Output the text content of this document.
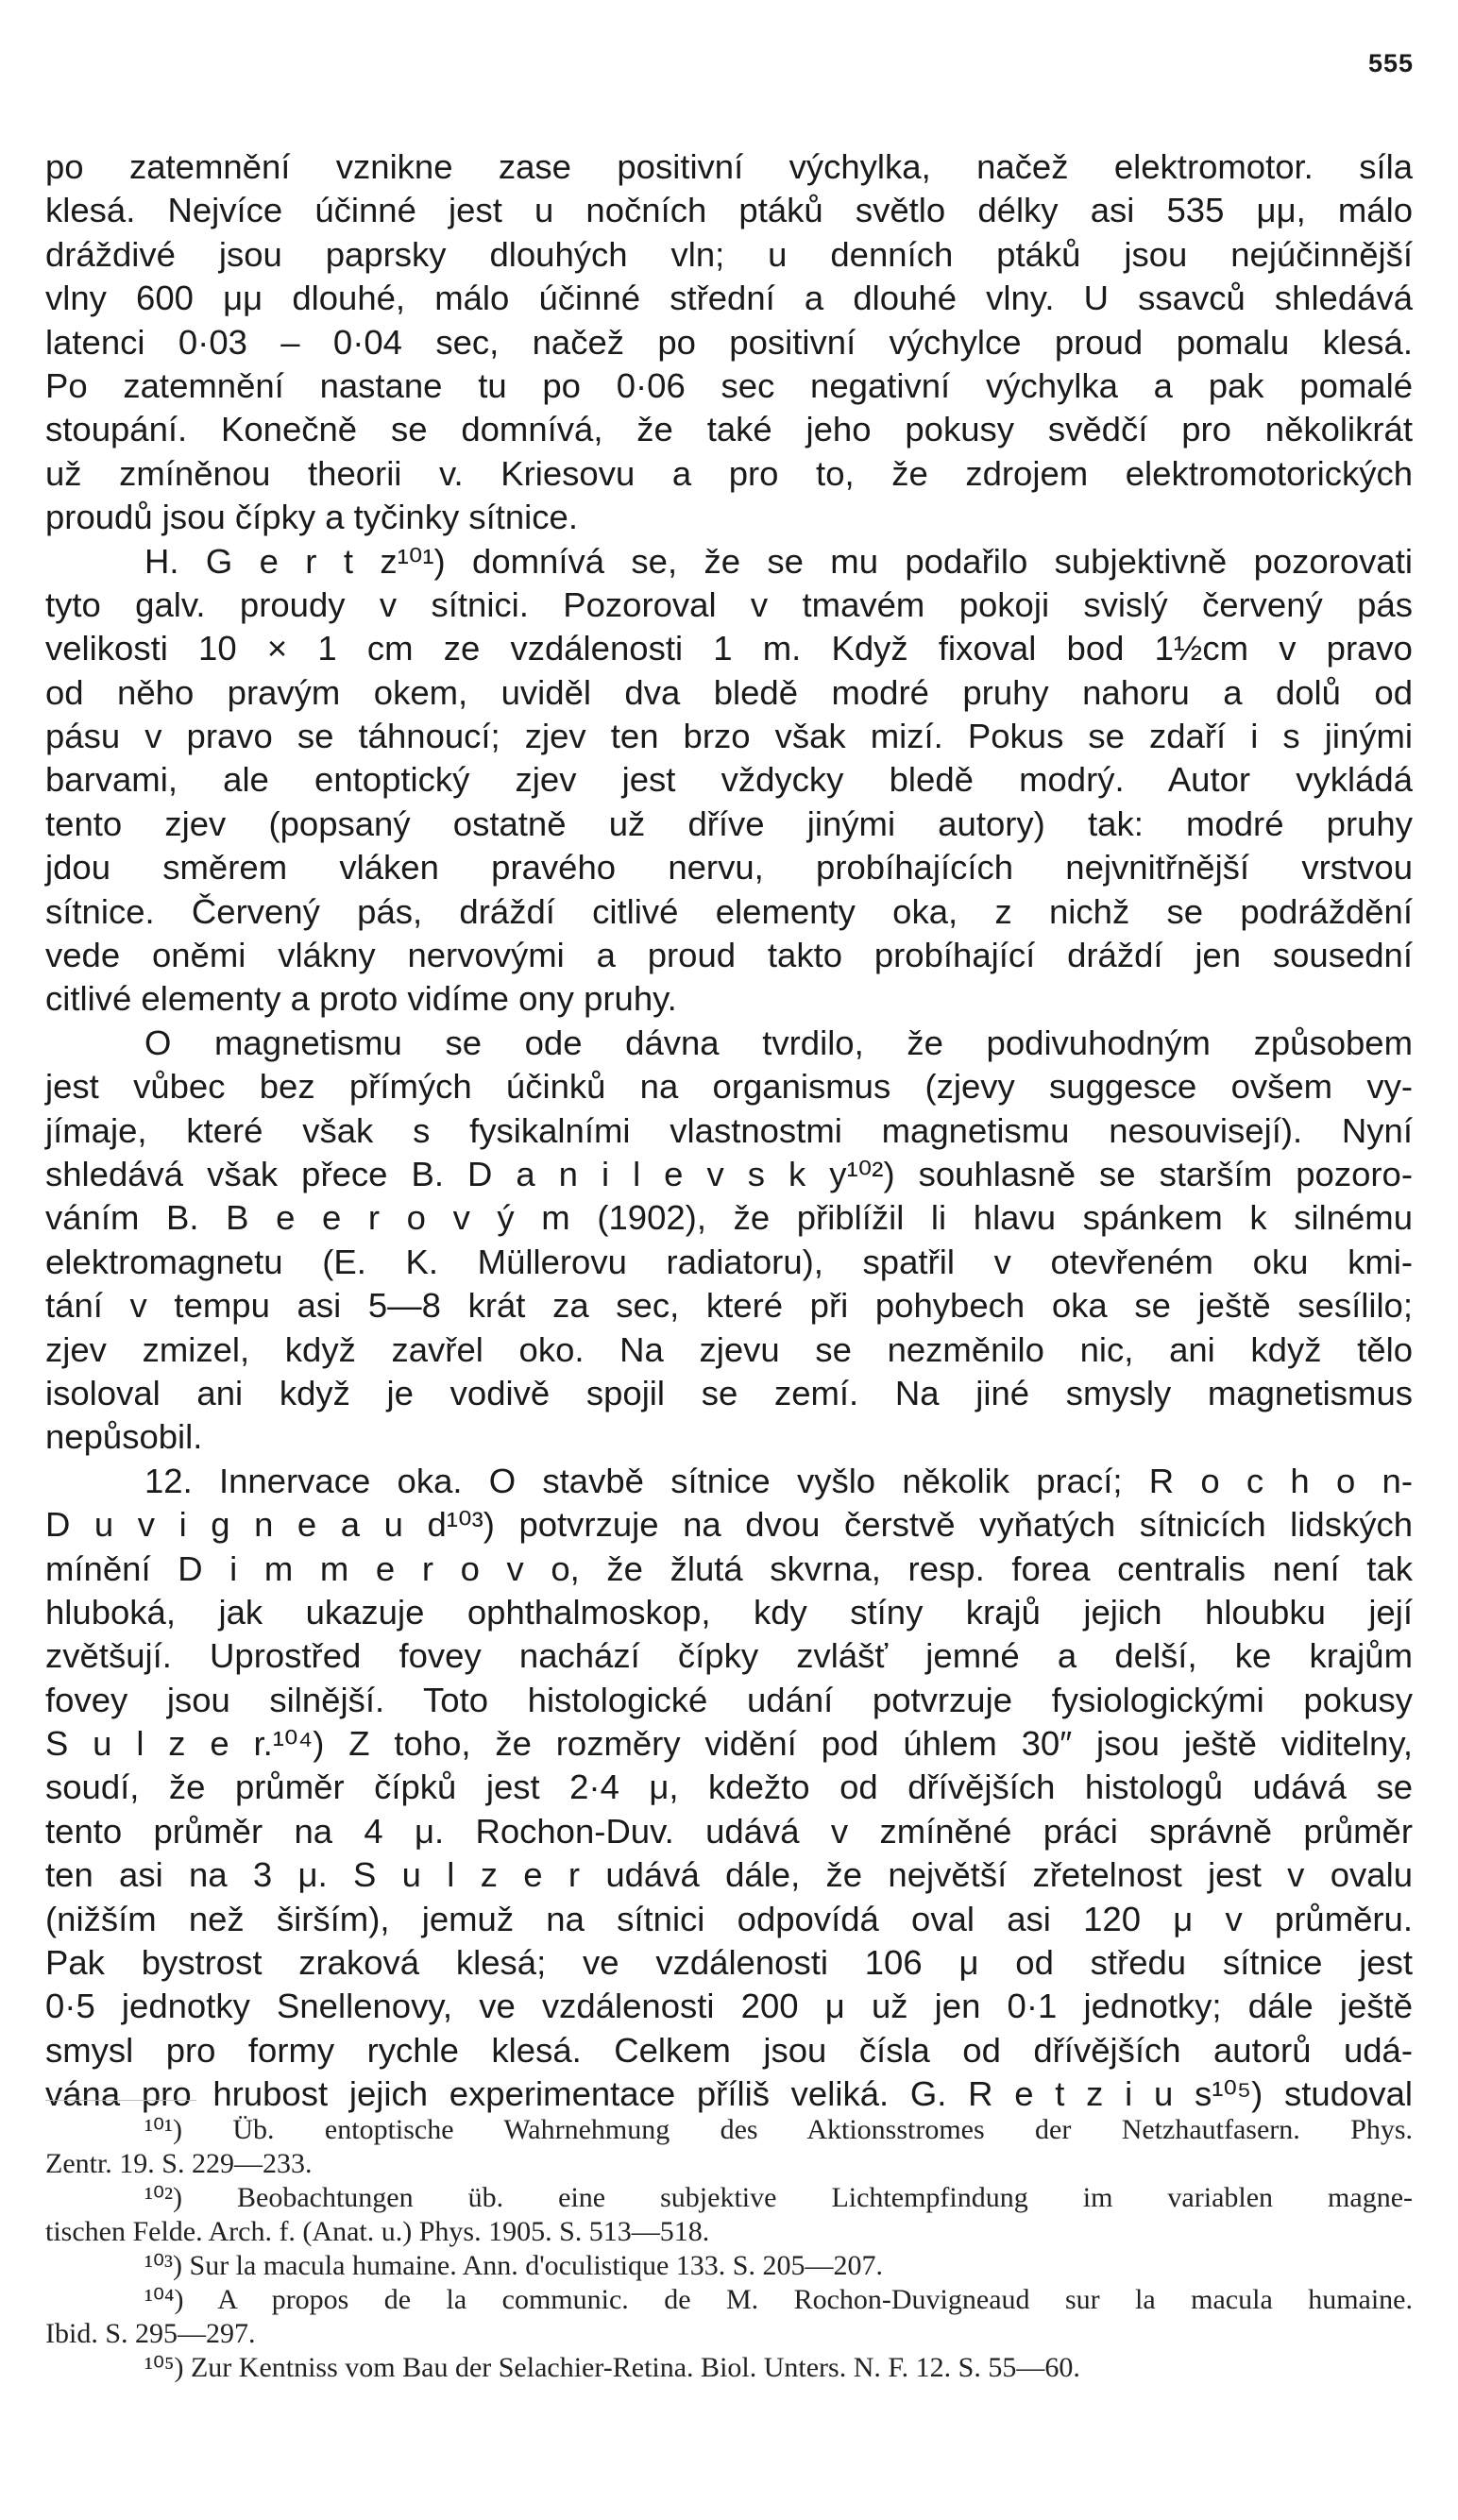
555
po zatemnění vznikne zase positivní výchylka, načež elektromotor. síla
klesá. Nejvíce účinné jest u nočních ptáků světlo délky asi 535 μμ, málo
dráždivé jsou paprsky dlouhých vln; u denních ptáků jsou nejúčinnější
vlny 600 μμ dlouhé, málo účinné střední a dlouhé vlny. U ssavců shledává
latenci 0·03 – 0·04 sec, načež po positivní výchylce proud pomalu klesá.
Po zatemnění nastane tu po 0·06 sec negativní výchylka a pak pomalé
stoupání. Konečně se domnívá, že také jeho pokusy svědčí pro několikrát
už zmíněnou theorii v. Kriesovu a pro to, že zdrojem elektromotorických
proudů jsou čípky a tyčinky sítnice.
H. G e r t z¹⁰¹) domnívá se, že se mu podařilo subjektivně pozorovati
tyto galv. proudy v sítnici. Pozoroval v tmavém pokoji svislý červený pás
velikosti 10 × 1 cm ze vzdálenosti 1 m. Když fixoval bod 1½cm v pravo
od něho pravým okem, uviděl dva bledě modré pruhy nahoru a dolů od
pásu v pravo se táhnoucí; zjev ten brzo však mizí. Pokus se zdaří i s jinými
barvami, ale entoptický zjev jest vždycky bledě modrý. Autor vykládá
tento zjev (popsaný ostatně už dříve jinými autory) tak: modré pruhy
jdou směrem vláken pravého nervu, probíhajících nejvnitřnější vrstvou
sítnice. Červený pás, dráždí citlivé elementy oka, z nichž se podráždění
vede oněmi vlákny nervovými a proud takto probíhající dráždí jen sousední
citlivé elementy a proto vidíme ony pruhy.
O magnetismu se ode dávna tvrdilo, že podivuhodným způsobem
jest vůbec bez přímých účinků na organismus (zjevy suggesce ovšem vy-
jímaje, které však s fysikalními vlastnostmi magnetismu nesouvisejí). Nyní
shledává však přece B. D a n i l e v s k y¹⁰²) souhlasně se starším pozoro-
váním B. B e e r o v ý m (1902), že přiblížil li hlavu spánkem k silnému
elektromagnetu (E. K. Müllerovu radiatoru), spatřil v otevřeném oku kmi-
tání v tempu asi 5—8 krát za sec, které při pohybech oka se ještě sesílilo;
zjev zmizel, když zavřel oko. Na zjevu se nezměnilo nic, ani když tělo
isoloval ani když je vodivě spojil se zemí. Na jiné smysly magnetismus
nepůsobil.
12. Innervace oka. O stavbě sítnice vyšlo několik prací; R o c h o n-
D u v i g n e a u d¹⁰³) potvrzuje na dvou čerstvě vyňatých sítnicích lidských
mínění D i m m e r o v o, že žlutá skvrna, resp. forea centralis není tak
hluboká, jak ukazuje ophthalmoskop, kdy stíny krajů jejich hloubku její
zvětšují. Uprostřed fovey nachází čípky zvlášť jemné a delší, ke krajům
fovey jsou silnější. Toto histologické udání potvrzuje fysiologickými pokusy
S u l z e r.¹⁰⁴) Z toho, že rozměry vidění pod úhlem 30″ jsou ještě viditelny,
soudí, že průměr čípků jest 2·4 μ, kdežto od dřívějších histologů udává se
tento průměr na 4 μ. Rochon-Duv. udává v zmíněné práci správně průměr
ten asi na 3 μ. S u l z e r udává dále, že největší zřetelnost jest v ovalu
(nižším než širším), jemuž na sítnici odpovídá oval asi 120 μ v průměru.
Pak bystrost zraková klesá; ve vzdálenosti 106 μ od středu sítnice jest
0·5 jednotky Snellenovy, ve vzdálenosti 200 μ už jen 0·1 jednotky; dále ještě
smysl pro formy rychle klesá. Celkem jsou čísla od dřívějších autorů udá-
vána pro hrubost jejich experimentace příliš veliká. G. R e t z i u s¹⁰⁵) studoval
¹⁰¹) Üb. entoptische Wahrnehmung des Aktionsstromes der Netzhautfasern. Phys.
Zentr. 19. S. 229—233.
¹⁰²) Beobachtungen üb. eine subjektive Lichtempfindung im variablen magne-
tischen Felde. Arch. f. (Anat. u.) Phys. 1905. S. 513—518.
¹⁰³) Sur la macula humaine. Ann. d'oculistique 133. S. 205—207.
¹⁰⁴) A propos de la communic. de M. Rochon-Duvigneaud sur la macula humaine.
Ibid. S. 295—297.
¹⁰⁵) Zur Kentniss vom Bau der Selachier-Retina. Biol. Unters. N. F. 12. S. 55—60.
